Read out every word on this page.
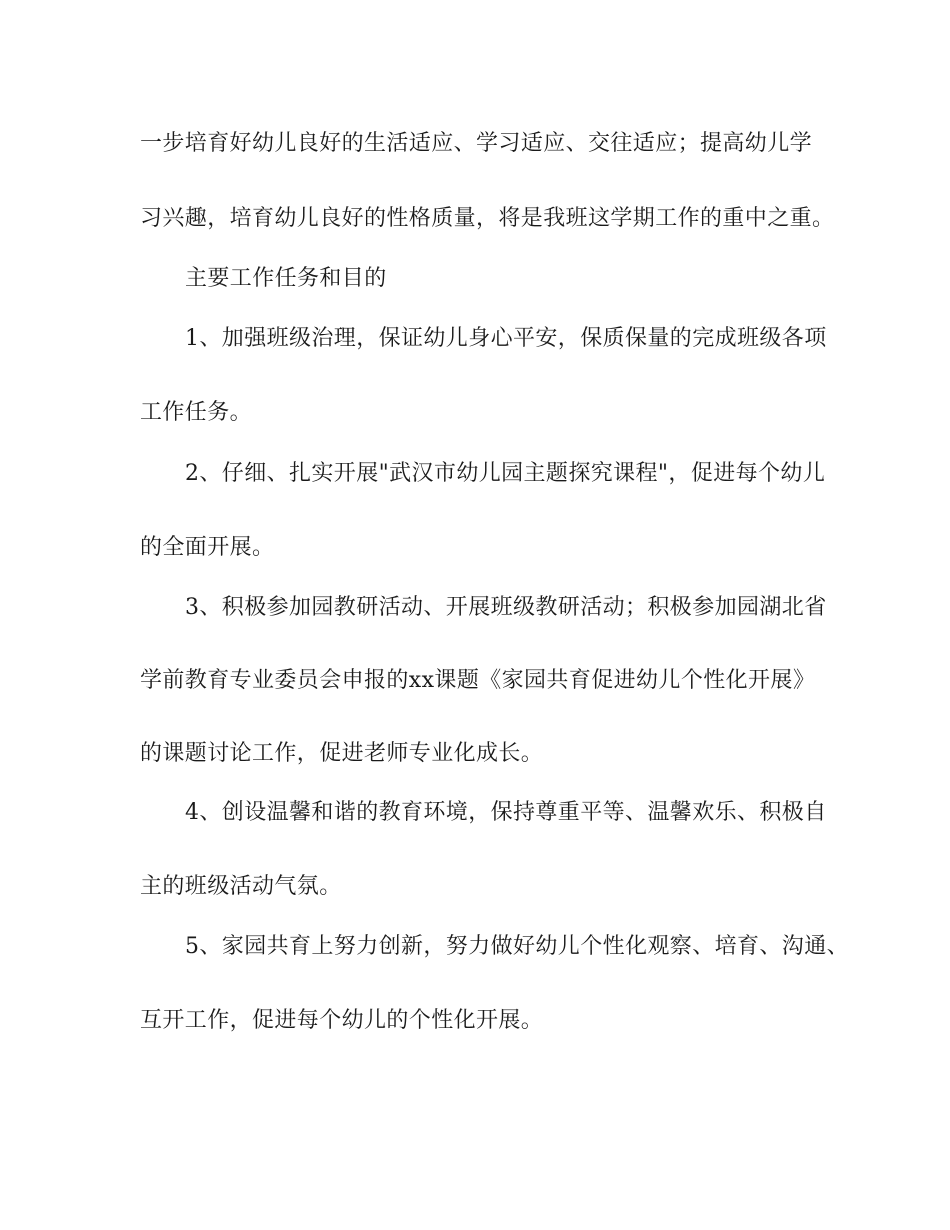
一步培育好幼儿良好的生活适应、学习适应、交往适应；提高幼儿学
习兴趣，培育幼儿良好的性格质量，将是我班这学期工作的重中之重。
主要工作任务和目的
1、加强班级治理，保证幼儿身心平安，保质保量的完成班级各项
工作任务。
2、仔细、扎实开展"武汉市幼儿园主题探究课程"，促进每个幼儿
的全面开展。
3、积极参加园教研活动、开展班级教研活动；积极参加园湖北省
学前教育专业委员会申报的xx课题《家园共育促进幼儿个性化开展》
的课题讨论工作，促进老师专业化成长。
4、创设温馨和谐的教育环境，保持尊重平等、温馨欢乐、积极自
主的班级活动气氛。
5、家园共育上努力创新，努力做好幼儿个性化观察、培育、沟通、
互开工作，促进每个幼儿的个性化开展。
